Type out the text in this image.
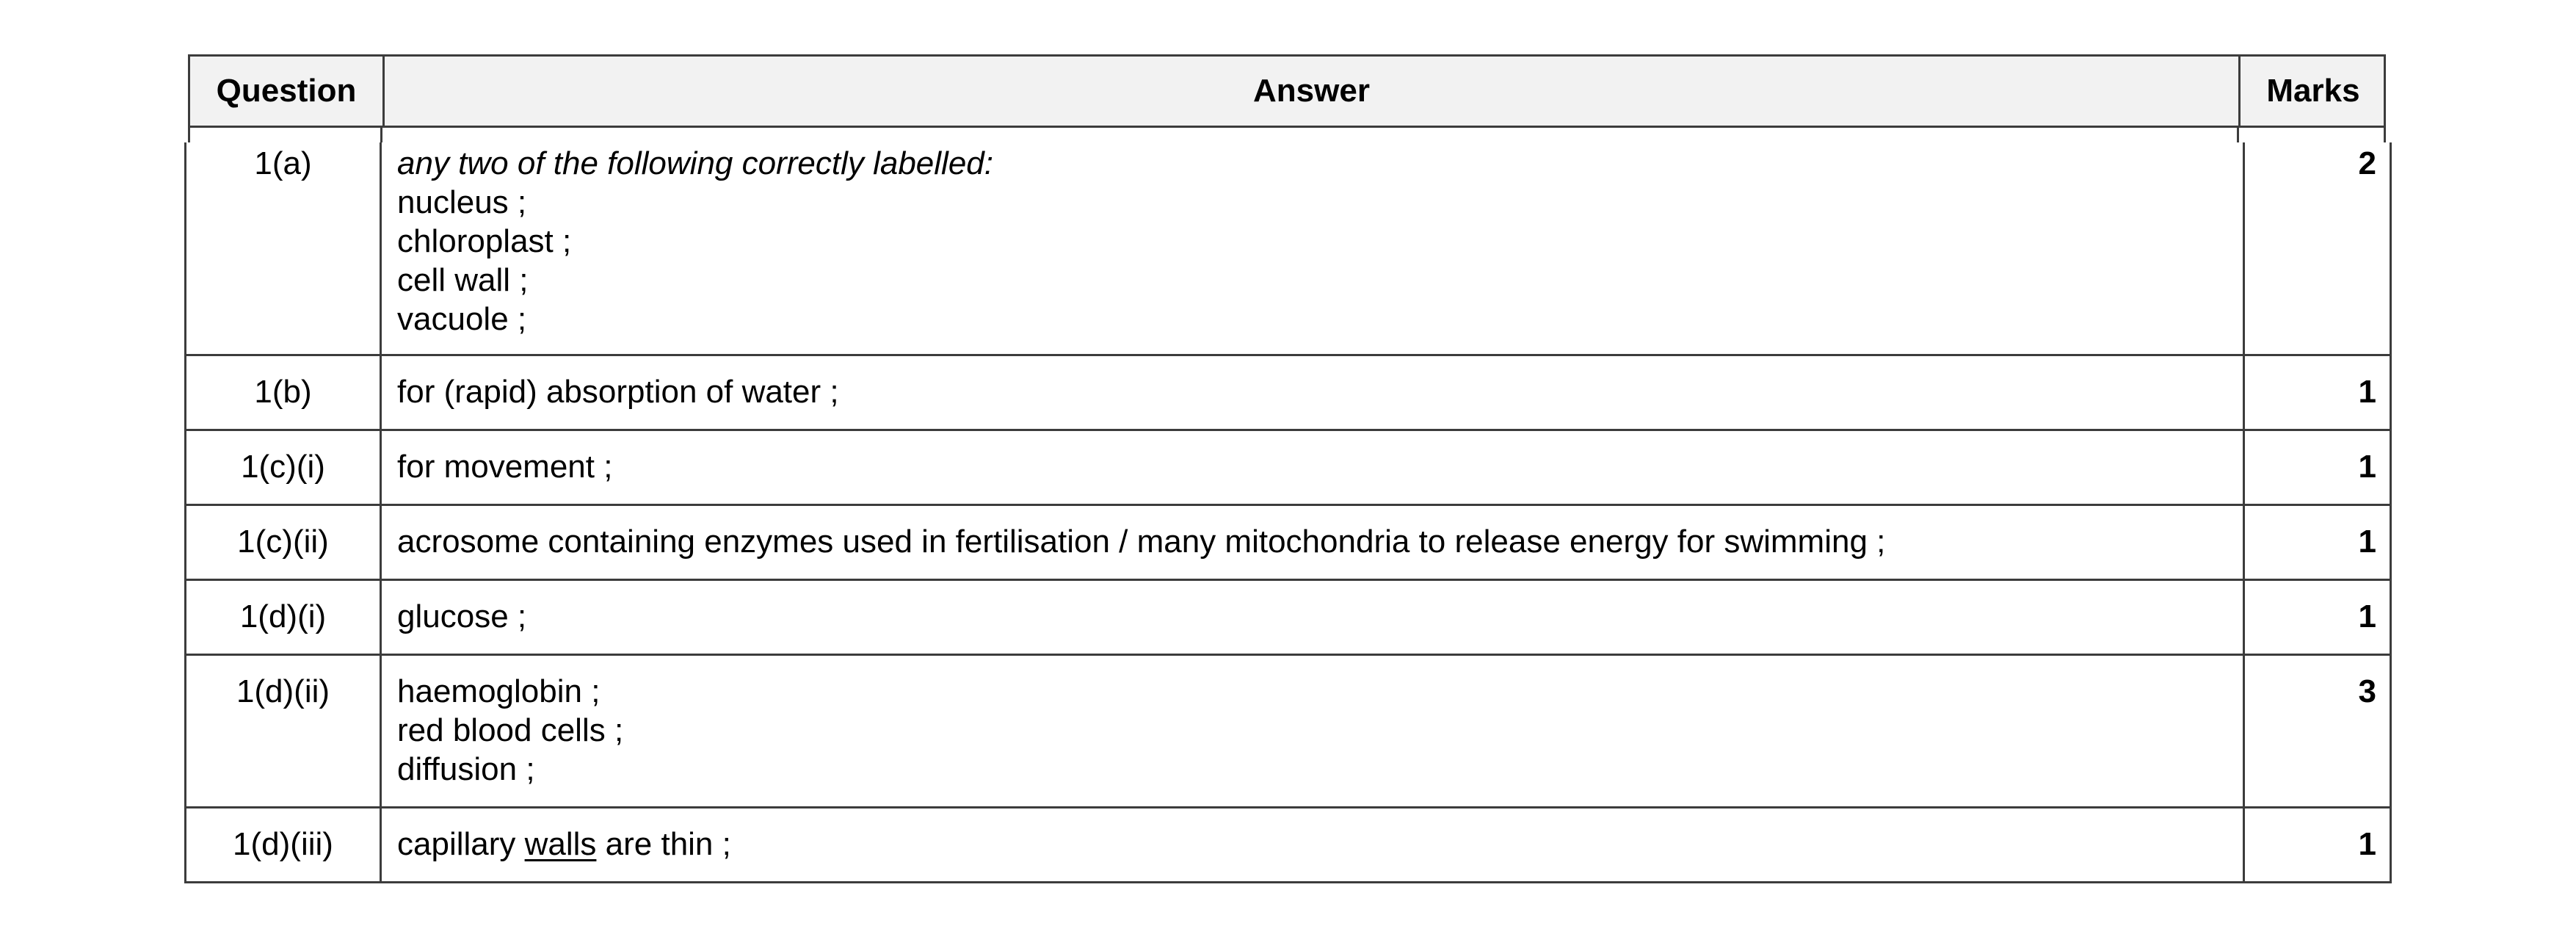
Question	Answer	Marks
1(a)	any two of the following correctly labelled:
nucleus ;
chloroplast ;
cell wall ;
vacuole ;	2

1(b)	for (rapid) absorption of water ;	1

1(c)(i)	for movement ;	1

1(c)(ii)	acrosome containing enzymes used in fertilisation / many mitochondria to release energy for swimming ;	1

1(d)(i)	glucose ;	1

1(d)(ii)	haemoglobin ;
red blood cells ;
diffusion ;	3

1(d)(iii)	capillary walls are thin ;	1
